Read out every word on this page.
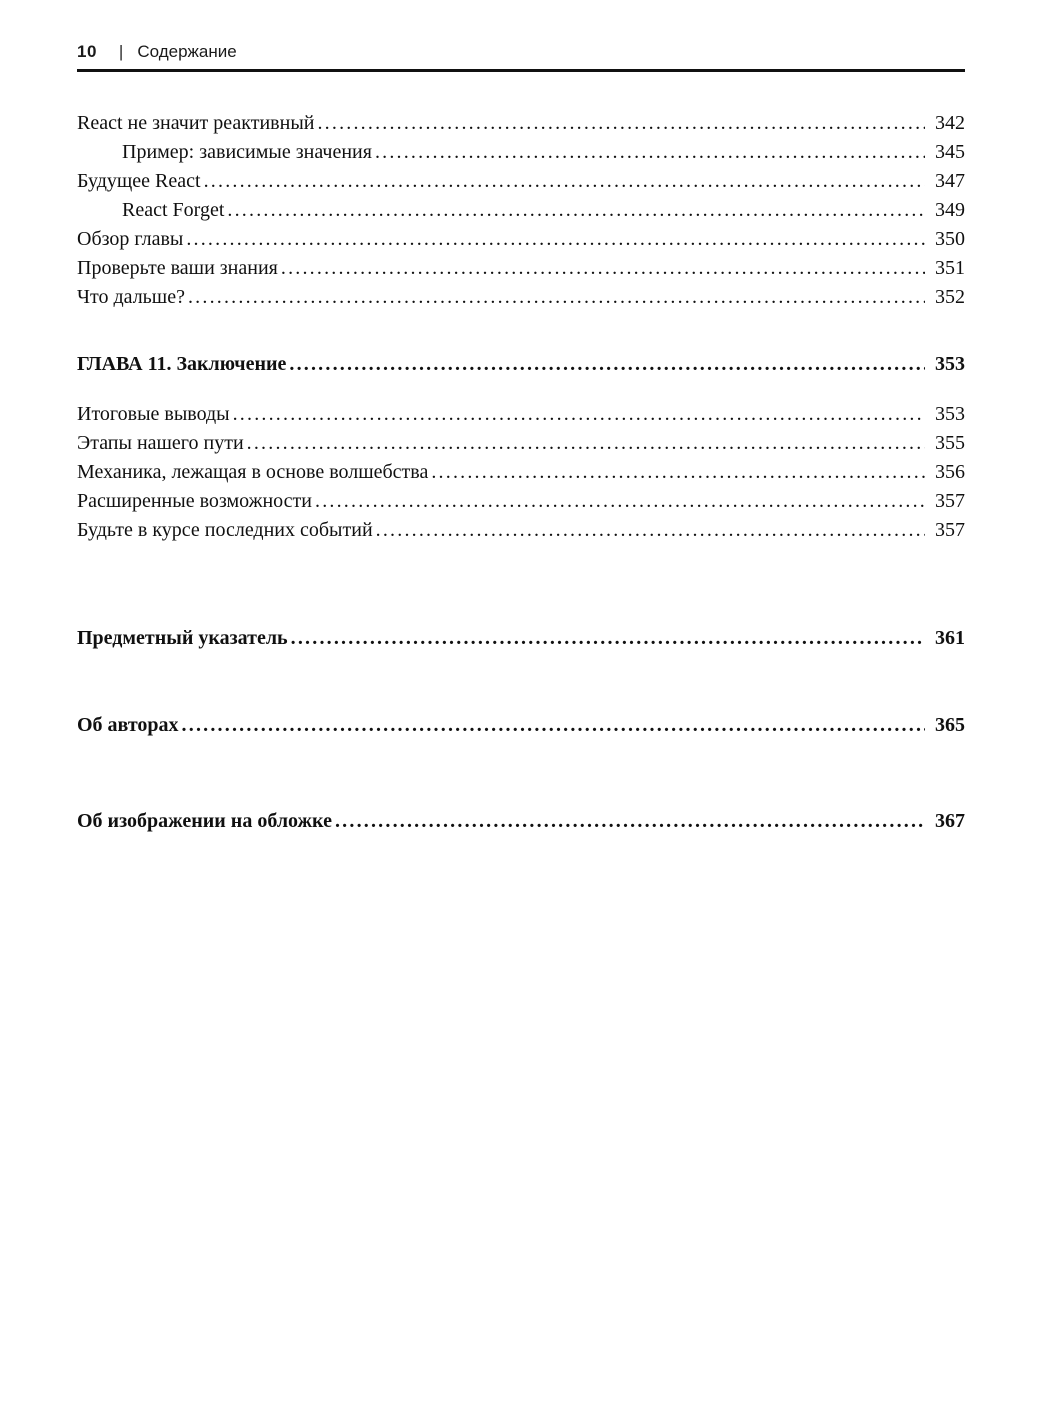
10 | Содержание
React не значит реактивный .....	342
Пример: зависимые значения .....	345
Будущее React .....	347
React Forget .....	349
Обзор главы .....	350
Проверьте ваши знания .....	351
Что дальше? .....	352
ГЛАВА 11. Заключение .....	353
Итоговые выводы .....	353
Этапы нашего пути .....	355
Механика, лежащая в основе волшебства .....	356
Расширенные возможности .....	357
Будьте в курсе последних событий .....	357
Предметный указатель .....	361
Об авторах .....	365
Об изображении на обложке .....	367
